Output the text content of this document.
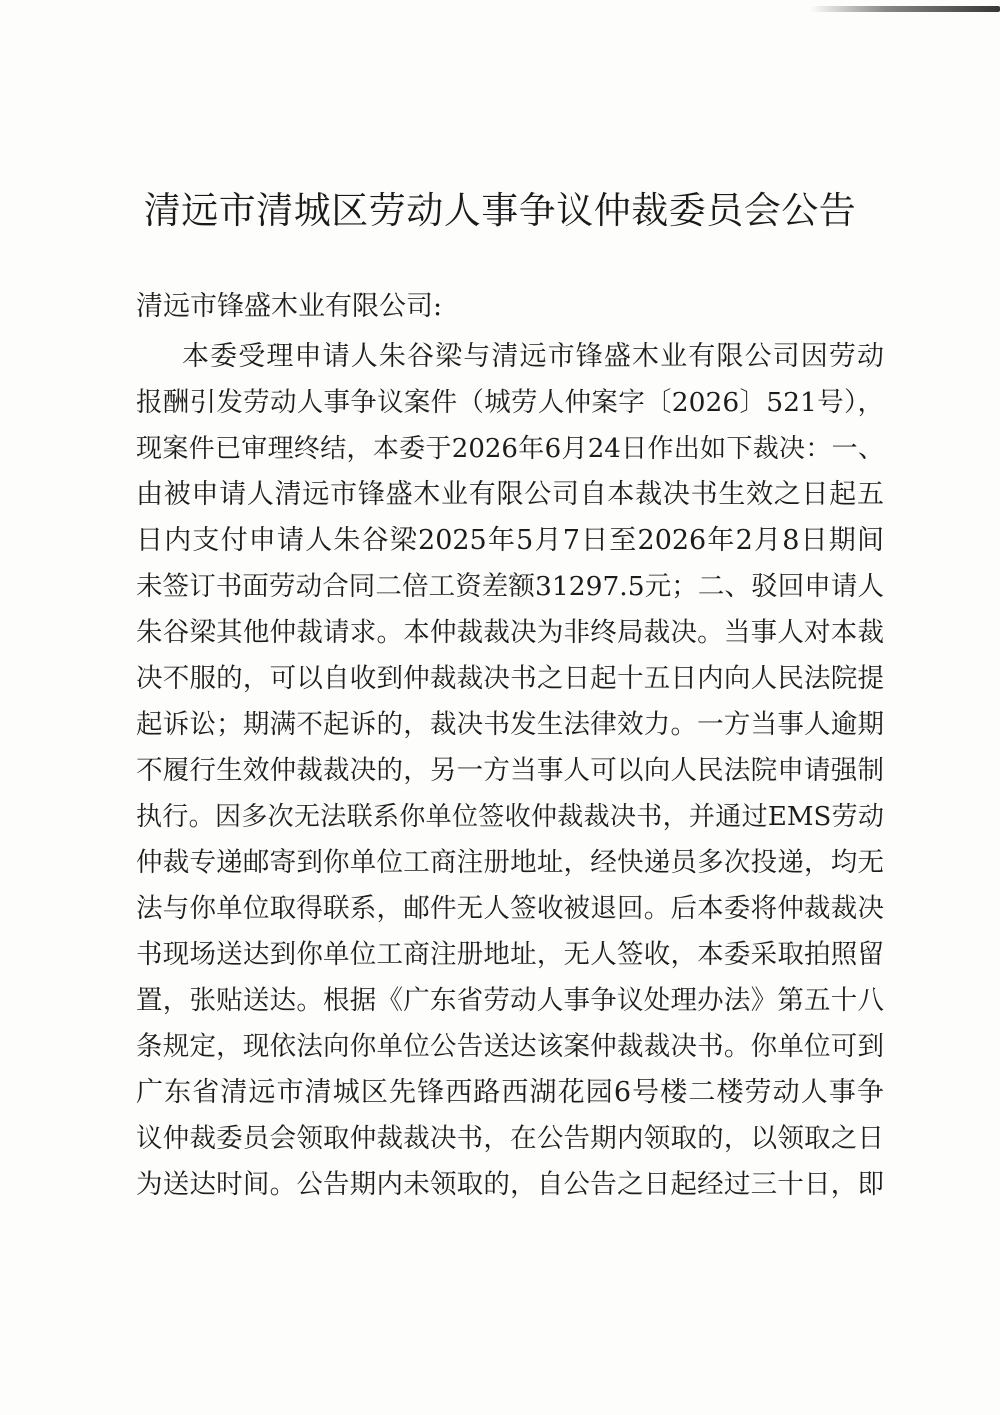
清远市清城区劳动人事争议仲裁委员会公告

清远市锋盛木业有限公司:

本委受理申请人朱谷梁与清远市锋盛木业有限公司因劳动

报酬引发劳动人事争议案件（城劳人仲案字〔2026〕521号），

现案件已审理终结，本委于2026年6月24日作出如下裁决：一、

由被申请人清远市锋盛木业有限公司自本裁决书生效之日起五

日内支付申请人朱谷梁2025年5月7日至2026年2月8日期间

未签订书面劳动合同二倍工资差额31297.5元；二、驳回申请人

朱谷梁其他仲裁请求。本仲裁裁决为非终局裁决。当事人对本裁

决不服的，可以自收到仲裁裁决书之日起十五日内向人民法院提

起诉讼；期满不起诉的，裁决书发生法律效力。一方当事人逾期

不履行生效仲裁裁决的，另一方当事人可以向人民法院申请强制

执行。因多次无法联系你单位签收仲裁裁决书，并通过EMS劳动

仲裁专递邮寄到你单位工商注册地址，经快递员多次投递，均无

法与你单位取得联系，邮件无人签收被退回。后本委将仲裁裁决

书现场送达到你单位工商注册地址，无人签收，本委采取拍照留

置，张贴送达。根据《广东省劳动人事争议处理办法》第五十八

条规定，现依法向你单位公告送达该案仲裁裁决书。你单位可到

广东省清远市清城区先锋西路西湖花园6号楼二楼劳动人事争

议仲裁委员会领取仲裁裁决书，在公告期内领取的，以领取之日

为送达时间。公告期内未领取的，自公告之日起经过三十日，即
